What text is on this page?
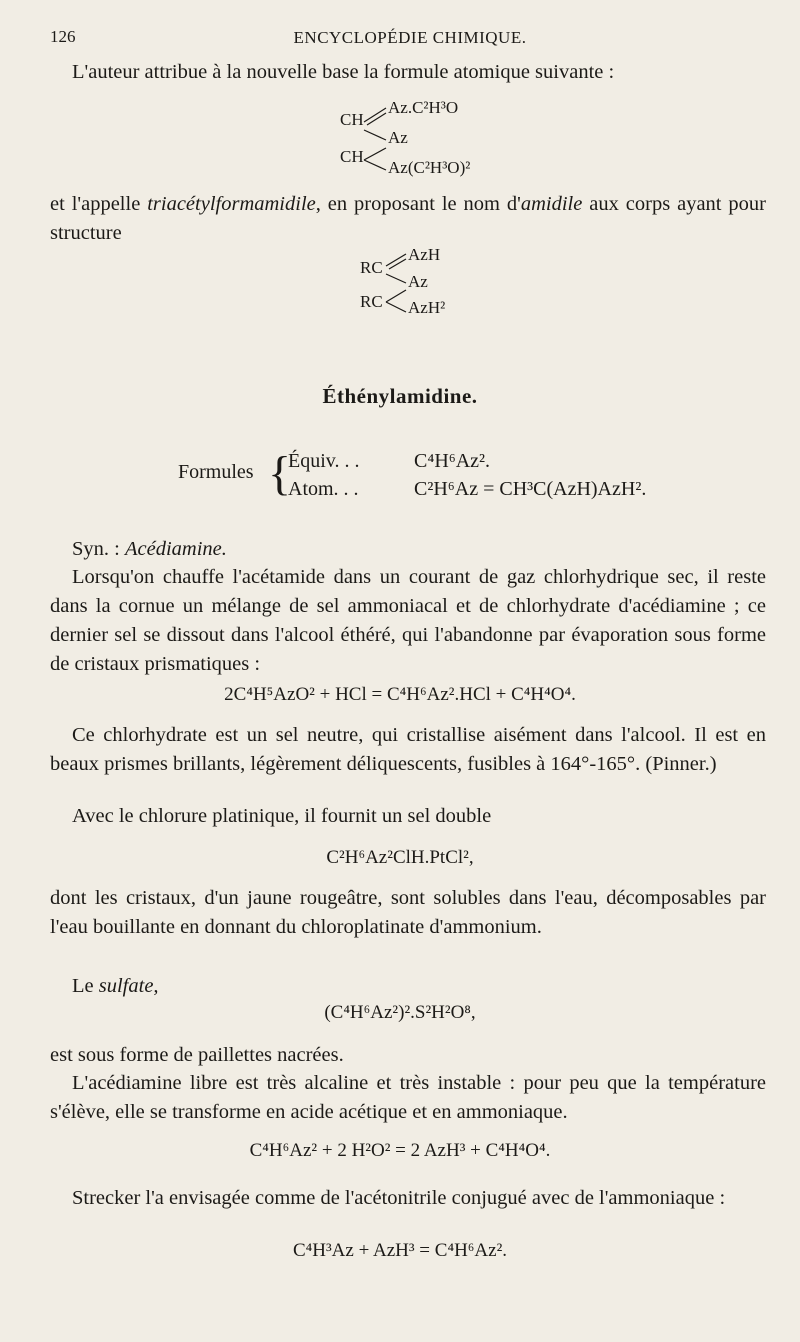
126	ENCYCLOPÉDIE CHIMIQUE.

L'auteur attribue à la nouvelle base la formule atomique suivante :

CH
CH
Az.C²H³O
Az
Az(C²H³O)²

et l'appelle triacétylformamidile, en proposant le nom d'amidile aux corps ayant pour structure

RC
RC
AzH
Az
AzH²
Éthénylamidine.
Formules {
Équiv. . .	C⁴H⁶Az².
Atom. . .	C²H⁶Az = CH³C(AzH)AzH².

Syn. : Acédiamine.

Lorsqu'on chauffe l'acétamide dans un courant de gaz chlorhydrique sec, il reste dans la cornue un mélange de sel ammoniacal et de chlorhydrate d'acédiamine ; ce dernier sel se dissout dans l'alcool éthéré, qui l'abandonne par évaporation sous forme de cristaux prismatiques :

2C⁴H⁵AzO² + HCl = C⁴H⁶Az².HCl + C⁴H⁴O⁴.

Ce chlorhydrate est un sel neutre, qui cristallise aisément dans l'alcool. Il est en beaux prismes brillants, légèrement déliquescents, fusibles à 164°-165°. (Pinner.)

Avec le chlorure platinique, il fournit un sel double

C²H⁶Az²ClH.PtCl²,

dont les cristaux, d'un jaune rougeâtre, sont solubles dans l'eau, décomposables par l'eau bouillante en donnant du chloroplatinate d'ammonium.

Le sulfate,

(C⁴H⁶Az²)².S²H²O⁸,

est sous forme de paillettes nacrées.

L'acédiamine libre est très alcaline et très instable : pour peu que la température s'élève, elle se transforme en acide acétique et en ammoniaque.

C⁴H⁶Az² + 2 H²O² = 2 AzH³ + C⁴H⁴O⁴.

Strecker l'a envisagée comme de l'acétonitrile conjugué avec de l'ammoniaque :

C⁴H³Az + AzH³ = C⁴H⁶Az².
